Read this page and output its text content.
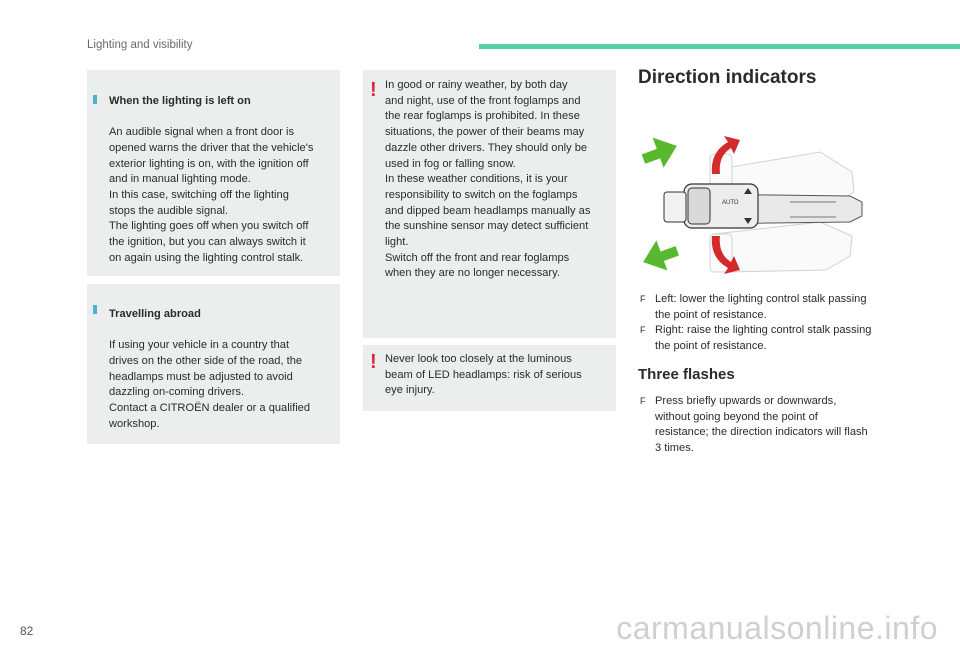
Lighting and visibility

When the lighting is left on

An audible signal when a front door is
opened warns the driver that the vehicle's
exterior lighting is on, with the ignition off
and in manual lighting mode.
In this case, switching off the lighting
stops the audible signal.
The lighting goes off when you switch off
the ignition, but you can always switch it
on again using the lighting control stalk.

Travelling abroad

If using your vehicle in a country that
drives on the other side of the road, the
headlamps must be adjusted to avoid
dazzling on-coming drivers.
Contact a CITROËN dealer or a qualified
workshop.

! In good or rainy weather, by both day
and night, use of the front foglamps and
the rear foglamps is prohibited. In these
situations, the power of their beams may
dazzle other drivers. They should only be
used in fog or falling snow.
In these weather conditions, it is your
responsibility to switch on the foglamps
and dipped beam headlamps manually as
the sunshine sensor may detect sufficient
light.
Switch off the front and rear foglamps
when they are no longer necessary.
! Never look too closely at the luminous
beam of LED headlamps: risk of serious
eye injury.
Direction indicators
AUTO
F Left: lower the lighting control stalk passing
the point of resistance.
F Right: raise the lighting control stalk passing
the point of resistance.
Three flashes
F Press briefly upwards or downwards,
without going beyond the point of
resistance; the direction indicators will flash
3 times.
82	carmanualsonline.info
